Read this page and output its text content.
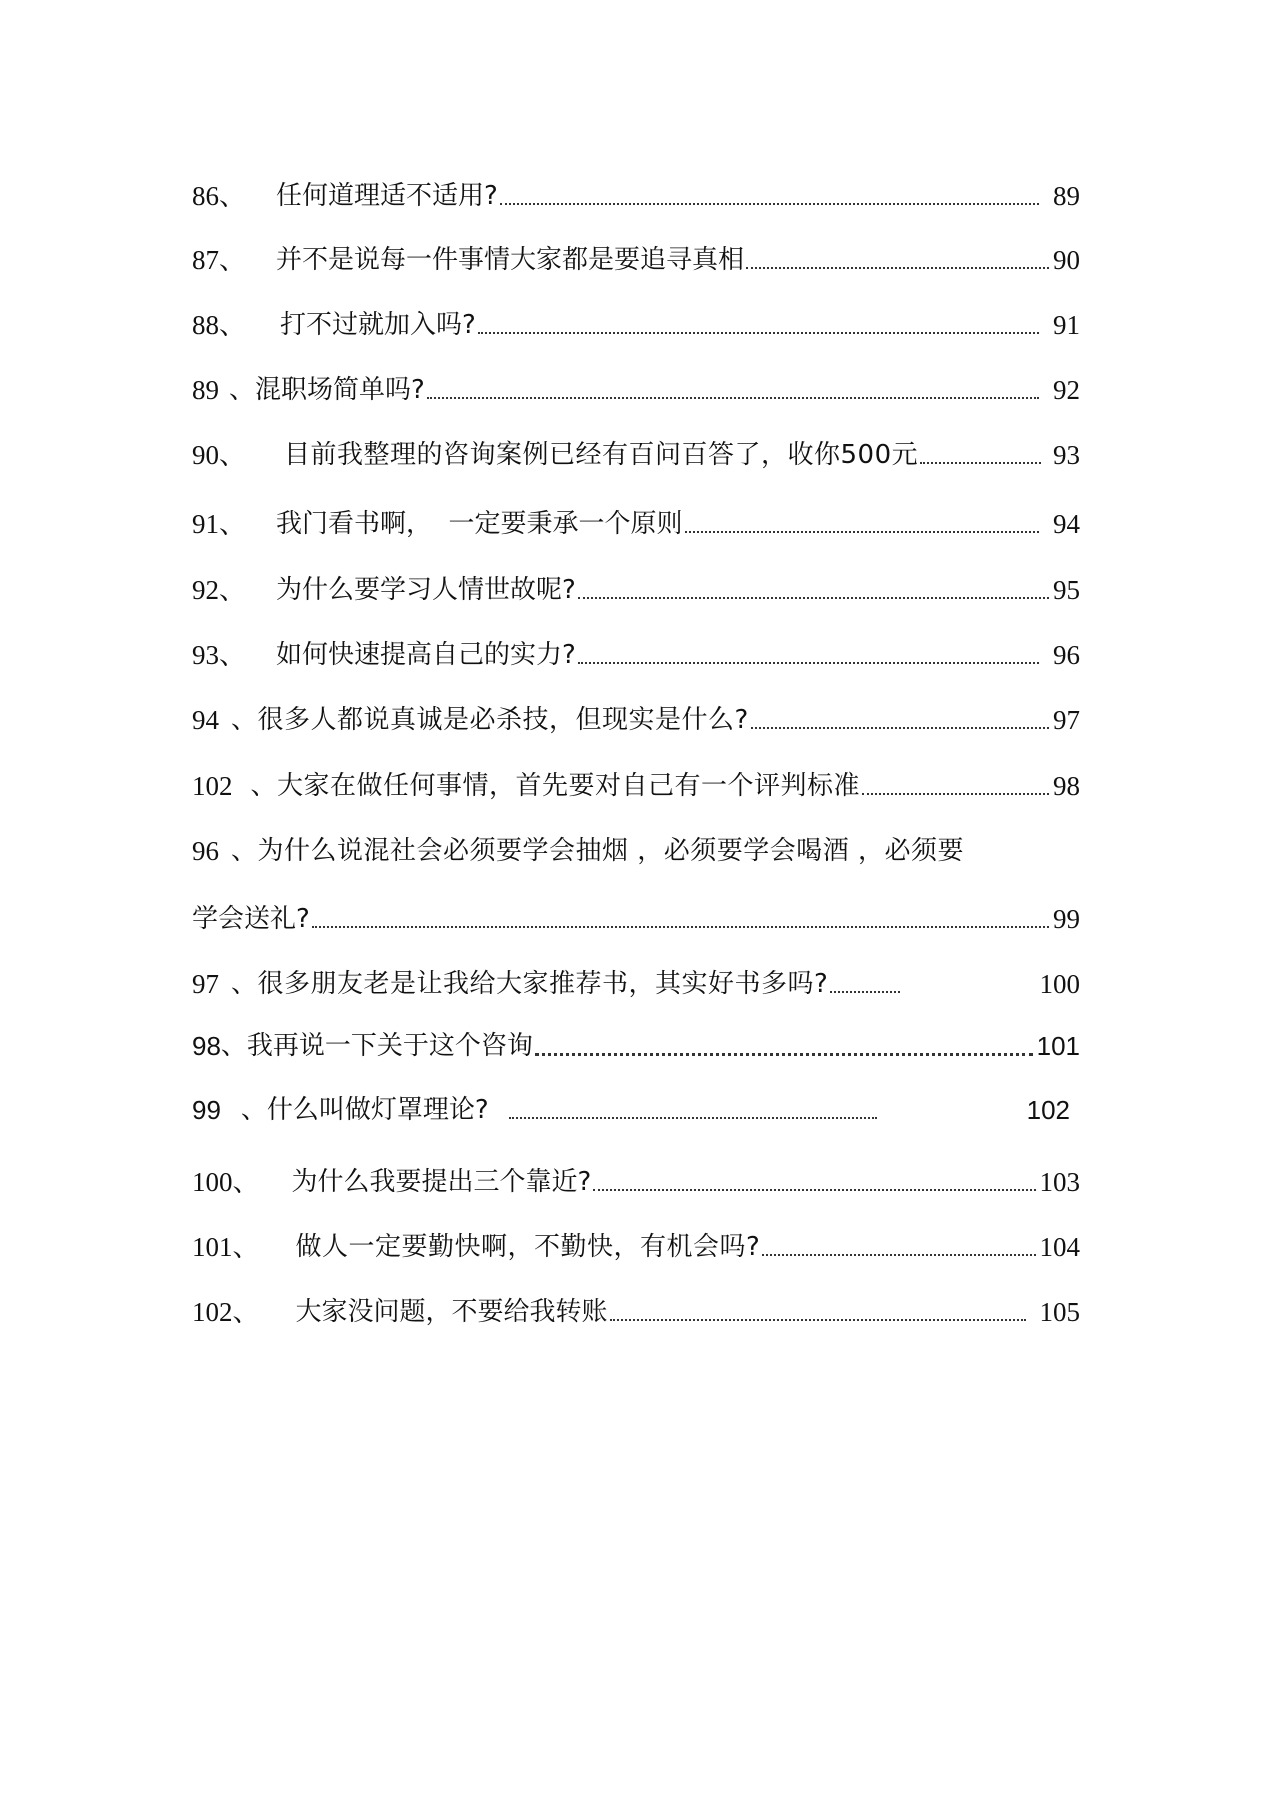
86、 任何道理适不适用?	89
87、 并不是说每一件事情大家都是要追寻真相	90
88、 打不过就加入吗?	91
89 、混职场简单吗?	92
90、 目前我整理的咨询案例已经有百问百答了，收你500元	93
91、 我门看书啊，  一定要秉承一个原则	94
92、 为什么要学习人情世故呢?	95
93、 如何快速提高自己的实力?	96
94 、很多人都说真诚是必杀技，但现实是什么?	97
102 、大家在做任何事情，首先要对自己有一个评判标准	98
96 、为什么说混社会必须要学会抽烟 ，必须要学会喝酒 ，必须要
学会送礼?	99
97 、很多朋友老是让我给大家推荐书，其实好书多吗?	100
98 、我再说一下关于这个咨询	101
99 、什么叫做灯罩理论?	102
100、 为什么我要提出三个靠近?	103
101、 做人一定要勤快啊，不勤快，有机会吗?	104
102、 大家没问题，不要给我转账	105
